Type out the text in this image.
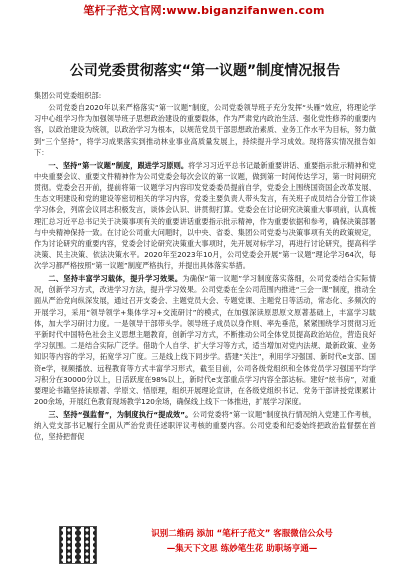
笔杆子范文官网:www.biganzifanwen.com
公司党委贯彻落实“第一议题”制度情况报告
集团公司党委组织部:

公司党委自2020年以来严格落实“第一议题”制度，公司党委领导班子充分发挥“头雁”效应，将理论学习中心组学习作为加强领导班子思想政治建设的重要载体，作为严肃党内政治生活、强化党性修养的重要内容，以政治建设为统领，以政治学习为根本，以规范党员干部思想政治素质、业务工作水平为目标，努力做到“三个坚持”，将学习成果落实到推动林业事业高质量发展上，持续提升学习成效。现将落实情况报告如下：

一、坚持“第一议题”制度，跟进学习原则。将学习习近平总书记最新重要讲话、重要指示批示精神和党中央重要会议、重要文件精神作为公司党委会每次会议的第一议题，做到第一时间传达学习，第一时间研究贯彻。党委会召开前，提前将第一议题学习内容印发党委委员提前自学，党委会上围绕国资国企改革发展、生态文明建设和党的建设等密切相关的学习内容，党委主要负责人带头发言，有关班子成员结合分管工作谈学习体会，列席会议同志积极发言，谈体会认识、讲贯彻打算。党委会在讨论研究决策重大事项前，认真梳理汇总习近平总书记关于决策事项有关的重要讲话重要指示批示精神，作为重要依据和参考，确保决策部署与中央精神保持一致。在讨论公司重大问题时，以中央、省委、集团公司党委与决策事项有关的政策规定，作为讨论研究的重要内容，党委会讨论研究决策重大事项时，先开展对标学习，再进行讨论研究，提高科学决策、民主决策、依法决策水平。2020年至2023年10月，公司党委会开展“第一议题”理论学习64次，每次学习都严格按照“第一议题”制度严格执行，并提出具体落实举措。

二、坚持丰富学习载体，提升学习效果。为确保“第一议题”学习制度落实落细，公司党委结合实际情况，创新学习方式，改进学习方法，提升学习效果。公司党委在全公司范围内推进“三会一课”制度，推动全面从严治党向纵深发展，通过召开支委会、主题党员大会、专题党课、主题党日等活动，常态化、多频次的开展学习，采用“领导领学+集体学习+交流研讨”的模式，在加强深读原思原文原著基础上，丰富学习载体，加大学习研讨力度。一是领导干部带头学。领导班子成员以身作则、率先垂范，紧紧围绕学习贯彻习近平新时代中国特色社会主义思想主题教育，创新学习方式，不断推动公司全体党员提高政治站位，营造良好学习氛围。二是结合实际广泛学。借助个人自学、扩大学习等方式，适当增加对党内法规、最新政策、业务知识等内容的学习，拓宽学习广度。三是线上线下同步学。搭建“关注”，利用学习强国、新时代e支部、国资e学，视频播放、远程教育等方式丰富学习形式，截至目前，公司各级党组织和全体党员学习强国平均学习积分在30000分以上，日活跃度在98%以上，新时代e支部重点学习内容全部达标。建好“炫书房”，对重要理论书籍坚持读原著、学原文、悟原理，组织开展理论宣讲，在各级党组织书记、党务干部讲授党课累计200余场，开展红色教育现场教学120余场，确保线上线下一体推进，扩展学习深度。

三、坚持“强监督”，为制度执行“提成效”。公司党委将“第一议题”制度执行情况纳入党建工作考核，纳入党支部书记履行全面从严治党责任述职评议考核的重要内容。公司党委和纪委始终把政治监督摆在首位，坚持把督促

识别二维码 添加 “笔杆子范文” 客服微信公众号
—集天下文思 练妙笔生花 助职场亨通—
